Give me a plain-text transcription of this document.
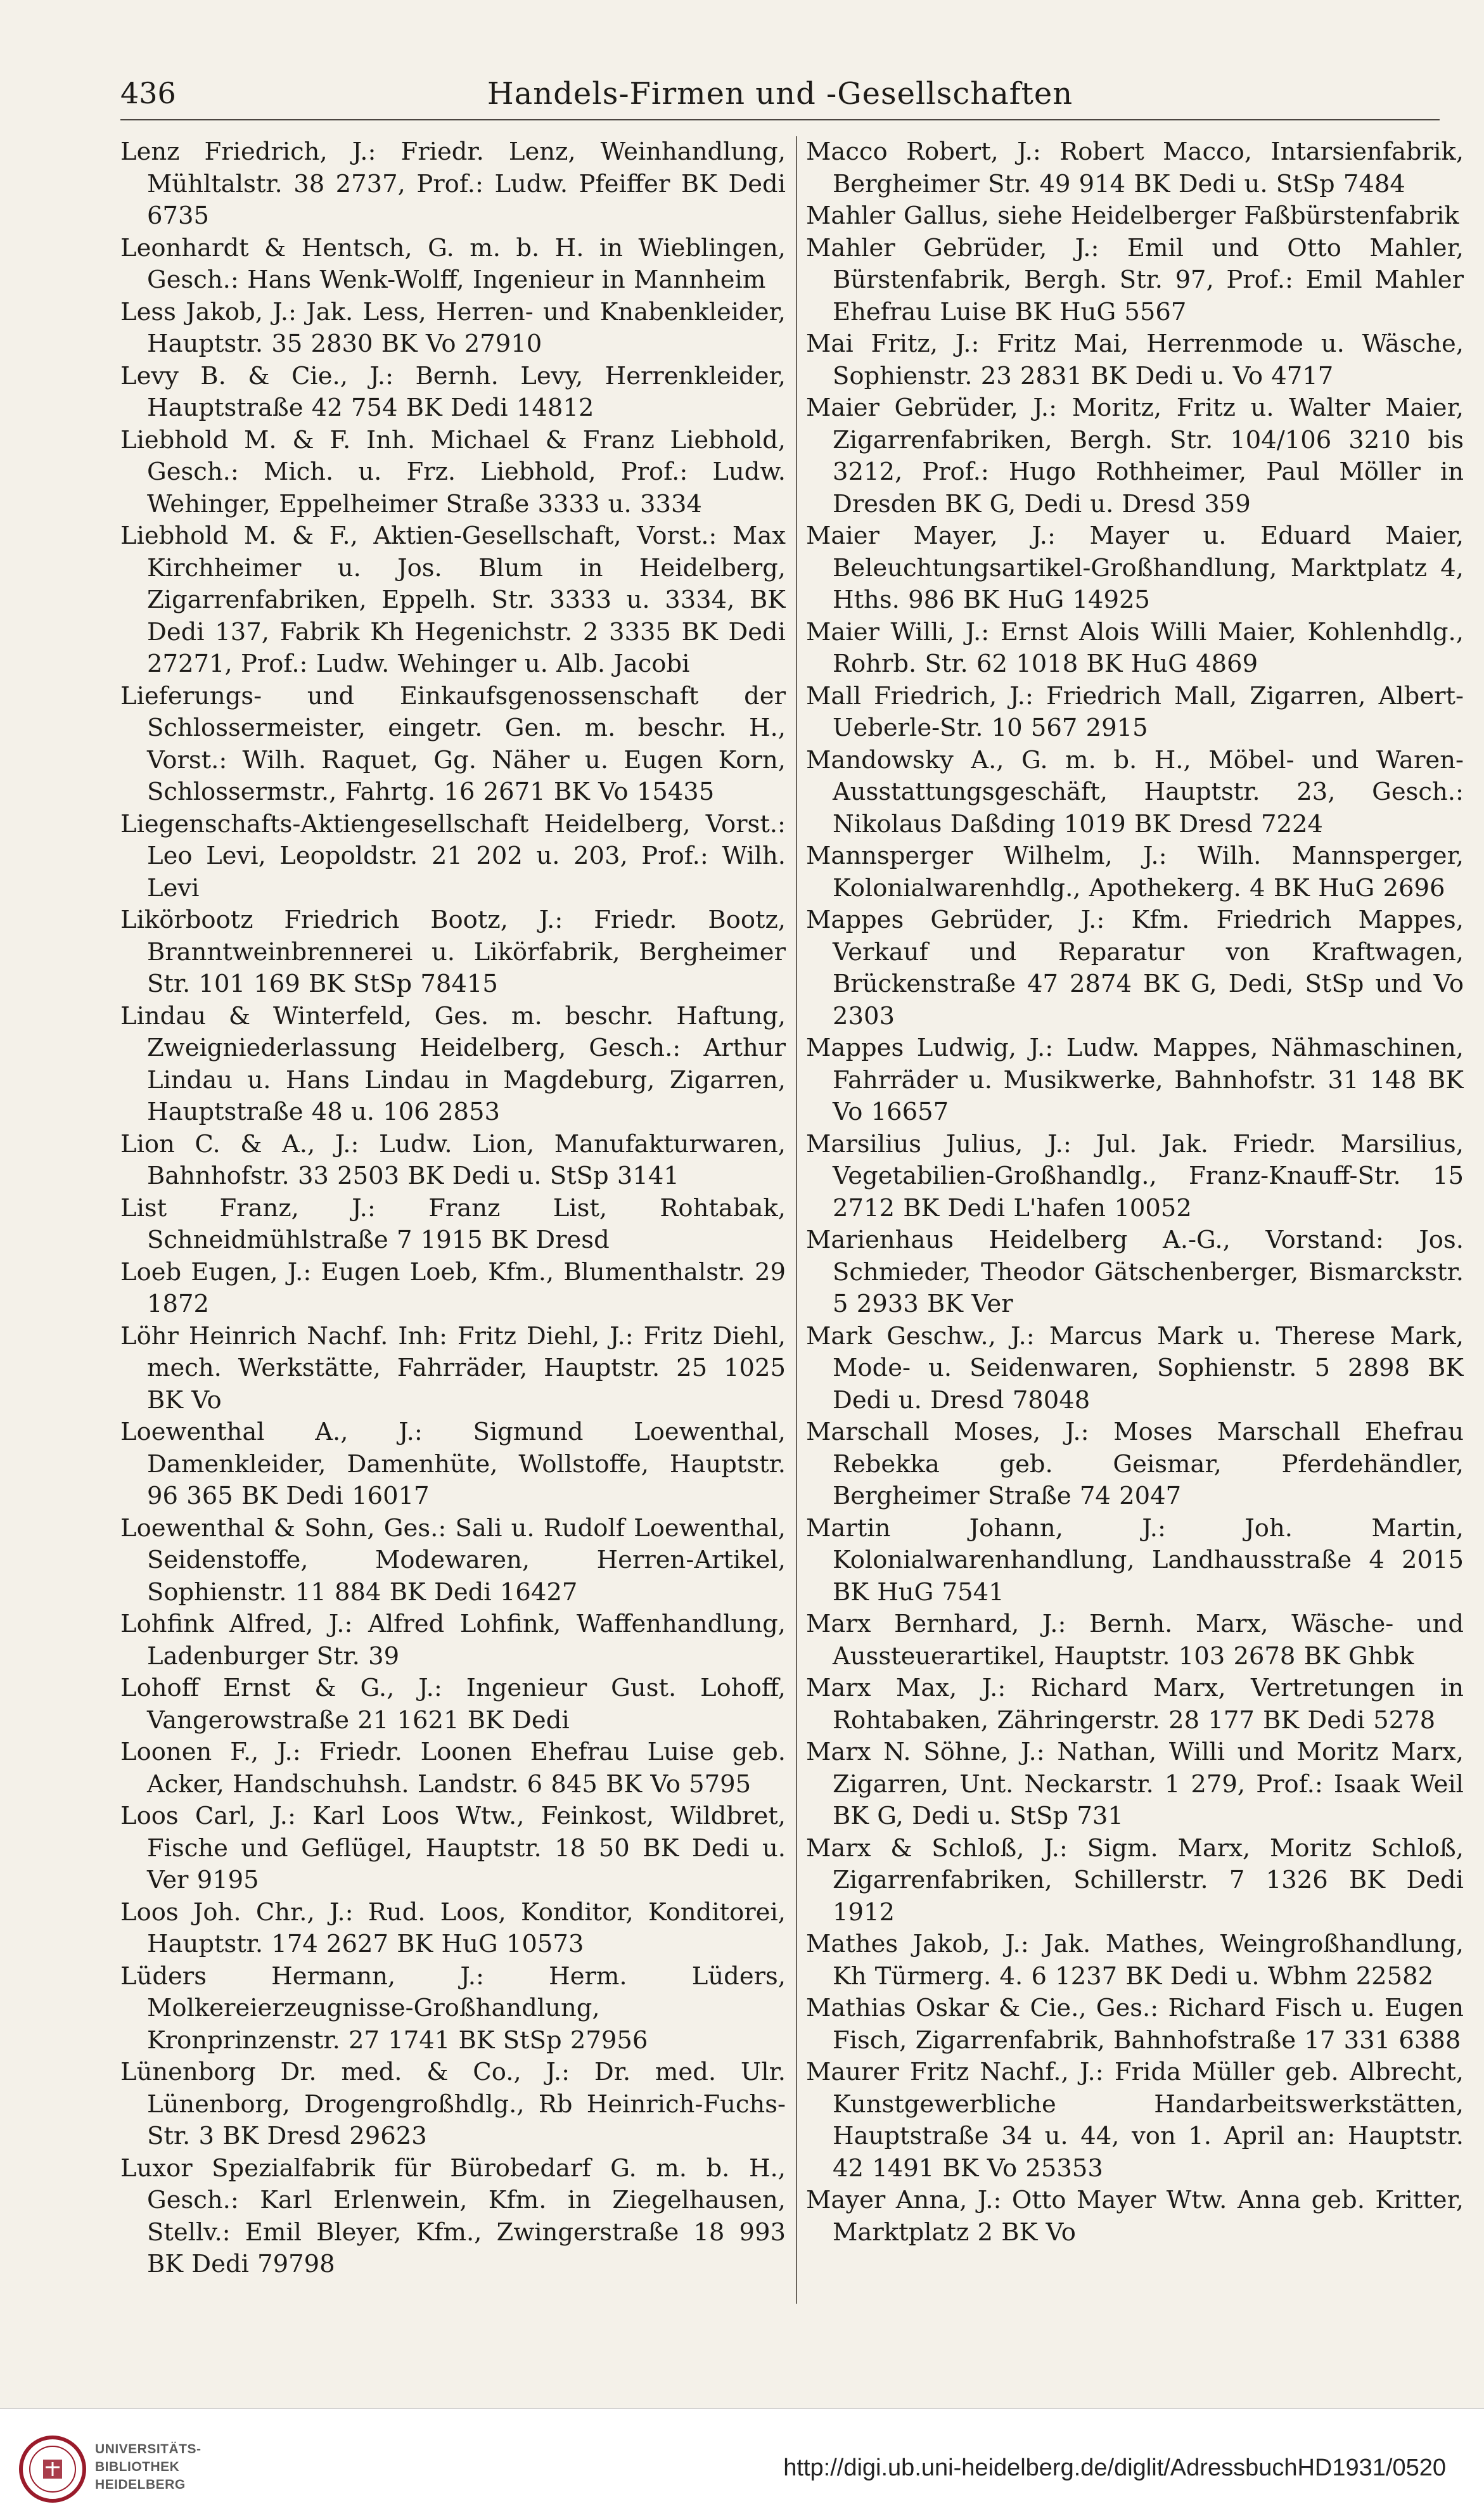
436	Handels-Firmen und -Gesellschaften
Lenz Friedrich, J.: Friedr. Lenz, Weinhandlung, Mühltalstr. 38 2737, Prof.: Ludw. Pfeiffer BK Dedi 6735
Leonhardt & Hentsch, G. m. b. H. in Wieblingen, Gesch.: Hans Wenk-Wolff, Ingenieur in Mannheim
Less Jakob, J.: Jak. Less, Herren- und Knabenkleider, Hauptstr. 35 2830 BK Vo 27910
Levy B. & Cie., J.: Bernh. Levy, Herrenkleider, Hauptstraße 42 754 BK Dedi 14812
Liebhold M. & F. Inh. Michael & Franz Liebhold, Gesch.: Mich. u. Frz. Liebhold, Prof.: Ludw. Wehinger, Eppelheimer Straße 3333 u. 3334
Liebhold M. & F., Aktien-Gesellschaft, Vorst.: Max Kirchheimer u. Jos. Blum in Heidelberg, Zigarrenfabriken, Eppelh. Str. 3333 u. 3334, BK Dedi 137, Fabrik Kh Hegenichstr. 2 3335 BK Dedi 27271, Prof.: Ludw. Wehinger u. Alb. Jacobi
Lieferungs- und Einkaufsgenossenschaft der Schlossermeister, eingetr. Gen. m. beschr. H., Vorst.: Wilh. Raquet, Gg. Näher u. Eugen Korn, Schlossermstr., Fahrtg. 16 2671 BK Vo 15435
Liegenschafts-Aktiengesellschaft Heidelberg, Vorst.: Leo Levi, Leopoldstr. 21 202 u. 203, Prof.: Wilh. Levi
Likörbootz Friedrich Bootz, J.: Friedr. Bootz, Branntweinbrennerei u. Likörfabrik, Bergheimer Str. 101 169 BK StSp 78415
Lindau & Winterfeld, Ges. m. beschr. Haftung, Zweigniederlassung Heidelberg, Gesch.: Arthur Lindau u. Hans Lindau in Magdeburg, Zigarren, Hauptstraße 48 u. 106 2853
Lion C. & A., J.: Ludw. Lion, Manufakturwaren, Bahnhofstr. 33 2503 BK Dedi u. StSp 3141
List Franz, J.: Franz List, Rohtabak, Schneidmühlstraße 7 1915 BK Dresd
Loeb Eugen, J.: Eugen Loeb, Kfm., Blumenthalstr. 29 1872
Löhr Heinrich Nachf. Inh: Fritz Diehl, J.: Fritz Diehl, mech. Werkstätte, Fahrräder, Hauptstr. 25 1025 BK Vo
Loewenthal A., J.: Sigmund Loewenthal, Damenkleider, Damenhüte, Wollstoffe, Hauptstr. 96 365 BK Dedi 16017
Loewenthal & Sohn, Ges.: Sali u. Rudolf Loewenthal, Seidenstoffe, Modewaren, Herren-Artikel, Sophienstr. 11 884 BK Dedi 16427
Lohfink Alfred, J.: Alfred Lohfink, Waffenhandlung, Ladenburger Str. 39
Lohoff Ernst & G., J.: Ingenieur Gust. Lohoff, Vangerowstraße 21 1621 BK Dedi
Loonen F., J.: Friedr. Loonen Ehefrau Luise geb. Acker, Handschuhsh. Landstr. 6 845 BK Vo 5795
Loos Carl, J.: Karl Loos Wtw., Feinkost, Wildbret, Fische und Geflügel, Hauptstr. 18 50 BK Dedi u. Ver 9195
Loos Joh. Chr., J.: Rud. Loos, Konditor, Konditorei, Hauptstr. 174 2627 BK HuG 10573
Lüders Hermann, J.: Herm. Lüders, Molkereierzeugnisse-Großhandlung, Kronprinzenstr. 27 1741 BK StSp 27956
Lünenborg Dr. med. & Co., J.: Dr. med. Ulr. Lünenborg, Drogengroßhdlg., Rb Heinrich-Fuchs-Str. 3 BK Dresd 29623
Luxor Spezialfabrik für Bürobedarf G. m. b. H., Gesch.: Karl Erlenwein, Kfm. in Ziegelhausen, Stellv.: Emil Bleyer, Kfm., Zwingerstraße 18 993 BK Dedi 79798
Macco Robert, J.: Robert Macco, Intarsienfabrik, Bergheimer Str. 49 914 BK Dedi u. StSp 7484
Mahler Gallus, siehe Heidelberger Faßbürstenfabrik
Mahler Gebrüder, J.: Emil und Otto Mahler, Bürstenfabrik, Bergh. Str. 97, Prof.: Emil Mahler Ehefrau Luise BK HuG 5567
Mai Fritz, J.: Fritz Mai, Herrenmode u. Wäsche, Sophienstr. 23 2831 BK Dedi u. Vo 4717
Maier Gebrüder, J.: Moritz, Fritz u. Walter Maier, Zigarrenfabriken, Bergh. Str. 104/106 3210 bis 3212, Prof.: Hugo Rothheimer, Paul Möller in Dresden BK G, Dedi u. Dresd 359
Maier Mayer, J.: Mayer u. Eduard Maier, Beleuchtungsartikel-Großhandlung, Marktplatz 4, Hths. 986 BK HuG 14925
Maier Willi, J.: Ernst Alois Willi Maier, Kohlenhdlg., Rohrb. Str. 62 1018 BK HuG 4869
Mall Friedrich, J.: Friedrich Mall, Zigarren, Albert-Ueberle-Str. 10 567 2915
Mandowsky A., G. m. b. H., Möbel- und Waren-Ausstattungsgeschäft, Hauptstr. 23, Gesch.: Nikolaus Daßding 1019 BK Dresd 7224
Mannsperger Wilhelm, J.: Wilh. Mannsperger, Kolonialwarenhdlg., Apothekerg. 4 BK HuG 2696
Mappes Gebrüder, J.: Kfm. Friedrich Mappes, Verkauf und Reparatur von Kraftwagen, Brückenstraße 47 2874 BK G, Dedi, StSp und Vo 2303
Mappes Ludwig, J.: Ludw. Mappes, Nähmaschinen, Fahrräder u. Musikwerke, Bahnhofstr. 31 148 BK Vo 16657
Marsilius Julius, J.: Jul. Jak. Friedr. Marsilius, Vegetabilien-Großhandlg., Franz-Knauff-Str. 15 2712 BK Dedi L'hafen 10052
Marienhaus Heidelberg A.-G., Vorstand: Jos. Schmieder, Theodor Gätschenberger, Bismarckstr. 5 2933 BK Ver
Mark Geschw., J.: Marcus Mark u. Therese Mark, Mode- u. Seidenwaren, Sophienstr. 5 2898 BK Dedi u. Dresd 78048
Marschall Moses, J.: Moses Marschall Ehefrau Rebekka geb. Geismar, Pferdehändler, Bergheimer Straße 74 2047
Martin Johann, J.: Joh. Martin, Kolonialwarenhandlung, Landhausstraße 4 2015 BK HuG 7541
Marx Bernhard, J.: Bernh. Marx, Wäsche- und Aussteuerartikel, Hauptstr. 103 2678 BK Ghbk
Marx Max, J.: Richard Marx, Vertretungen in Rohtabaken, Zähringerstr. 28 177 BK Dedi 5278
Marx N. Söhne, J.: Nathan, Willi und Moritz Marx, Zigarren, Unt. Neckarstr. 1 279, Prof.: Isaak Weil BK G, Dedi u. StSp 731
Marx & Schloß, J.: Sigm. Marx, Moritz Schloß, Zigarrenfabriken, Schillerstr. 7 1326 BK Dedi 1912
Mathes Jakob, J.: Jak. Mathes, Weingroßhandlung, Kh Türmerg. 4. 6 1237 BK Dedi u. Wbhm 22582
Mathias Oskar & Cie., Ges.: Richard Fisch u. Eugen Fisch, Zigarrenfabrik, Bahnhofstraße 17 331 6388
Maurer Fritz Nachf., J.: Frida Müller geb. Albrecht, Kunstgewerbliche Handarbeitswerkstätten, Hauptstraße 34 u. 44, von 1. April an: Hauptstr. 42 1491 BK Vo 25353
Mayer Anna, J.: Otto Mayer Wtw. Anna geb. Kritter, Marktplatz 2 BK Vo
UNIVERSITÄTS-
BIBLIOTHEK
HEIDELBERG
http://digi.ub.uni-heidelberg.de/diglit/AdressbuchHD1931/0520
